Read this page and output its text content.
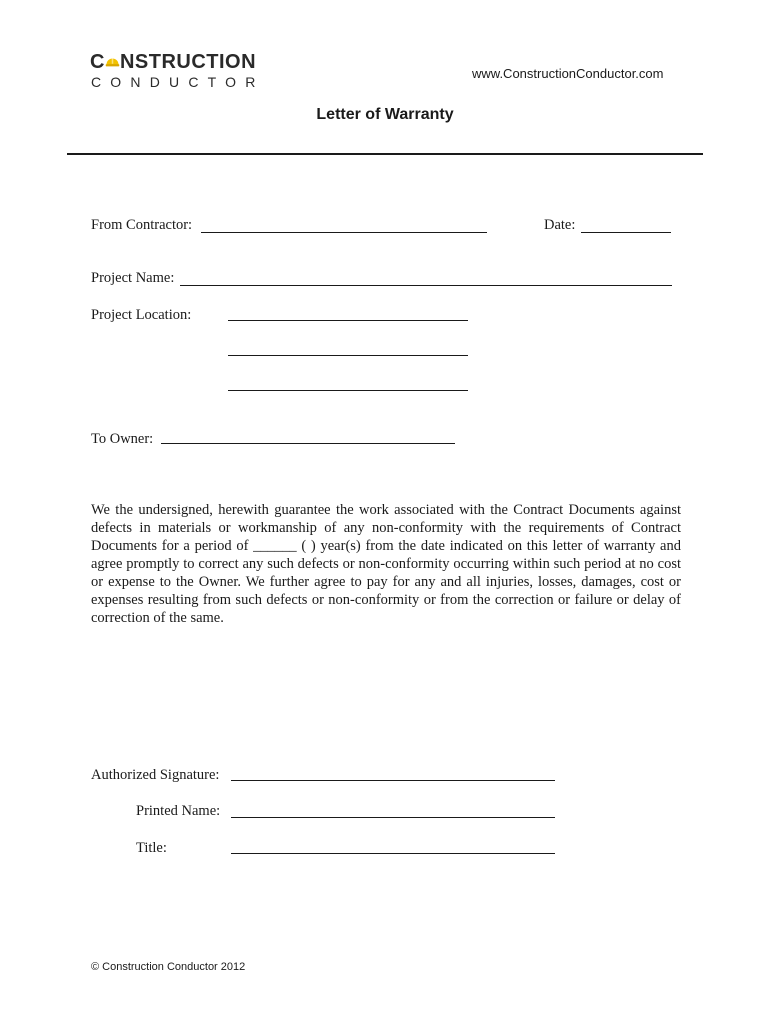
C NSTRUCTION
CONDUCTOR
www.ConstructionConductor.com
Letter of Warranty
From Contractor:	Date:
Project Name:
Project Location:
To Owner:
We the undersigned, herewith guarantee the work associated with the Contract Documents against defects in materials or workmanship of any non-conformity with the requirements of Contract Documents for a period of ______ ( ) year(s) from the date indicated on this letter of warranty and agree promptly to correct any such defects or non-conformity occurring within such period at no cost or expense to the Owner. We further agree to pay for any and all injuries, losses, damages, cost or expenses resulting from such defects or non-conformity or from the correction or failure or delay of correction of the same.
Authorized Signature:
Printed Name:
Title:
© Construction Conductor 2012
